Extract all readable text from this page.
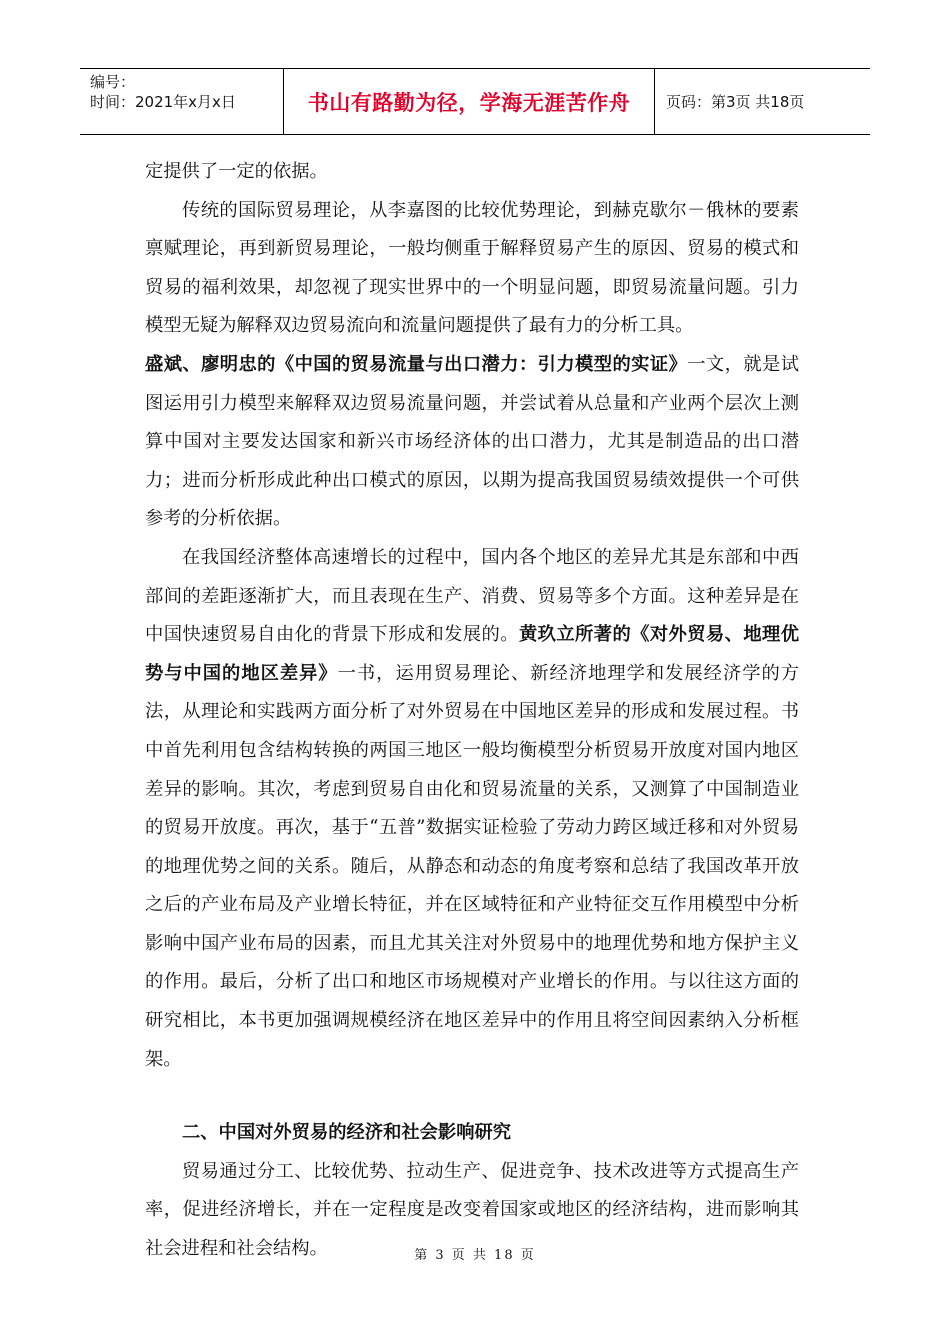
编号：
时间：2021年x月x日	书山有路勤为径，学海无涯苦作舟	页码：第3页 共18页

定提供了一定的依据。

传统的国际贸易理论，从李嘉图的比较优势理论，到赫克歇尔－俄林的要素禀赋理论，再到新贸易理论，一般均侧重于解释贸易产生的原因、贸易的模式和贸易的福利效果，却忽视了现实世界中的一个明显问题，即贸易流量问题。引力模型无疑为解释双边贸易流向和流量问题提供了最有力的分析工具。

盛斌、廖明忠的《中国的贸易流量与出口潜力：引力模型的实证》一文，就是试图运用引力模型来解释双边贸易流量问题，并尝试着从总量和产业两个层次上测算中国对主要发达国家和新兴市场经济体的出口潜力，尤其是制造品的出口潜力；进而分析形成此种出口模式的原因，以期为提高我国贸易绩效提供一个可供参考的分析依据。

在我国经济整体高速增长的过程中，国内各个地区的差异尤其是东部和中西部间的差距逐渐扩大，而且表现在生产、消费、贸易等多个方面。这种差异是在中国快速贸易自由化的背景下形成和发展的。黄玖立所著的《对外贸易、地理优势与中国的地区差异》一书，运用贸易理论、新经济地理学和发展经济学的方法，从理论和实践两方面分析了对外贸易在中国地区差异的形成和发展过程。书中首先利用包含结构转换的两国三地区一般均衡模型分析贸易开放度对国内地区差异的影响。其次，考虑到贸易自由化和贸易流量的关系，又测算了中国制造业的贸易开放度。再次，基于“五普”数据实证检验了劳动力跨区域迁移和对外贸易的地理优势之间的关系。随后，从静态和动态的角度考察和总结了我国改革开放之后的产业布局及产业增长特征，并在区域特征和产业特征交互作用模型中分析影响中国产业布局的因素，而且尤其关注对外贸易中的地理优势和地方保护主义的作用。最后，分析了出口和地区市场规模对产业增长的作用。与以往这方面的研究相比，本书更加强调规模经济在地区差异中的作用且将空间因素纳入分析框架。

二、中国对外贸易的经济和社会影响研究

贸易通过分工、比较优势、拉动生产、促进竞争、技术改进等方式提高生产率，促进经济增长，并在一定程度是改变着国家或地区的经济结构，进而影响其社会进程和社会结构。	第 3 页 共 18 页
